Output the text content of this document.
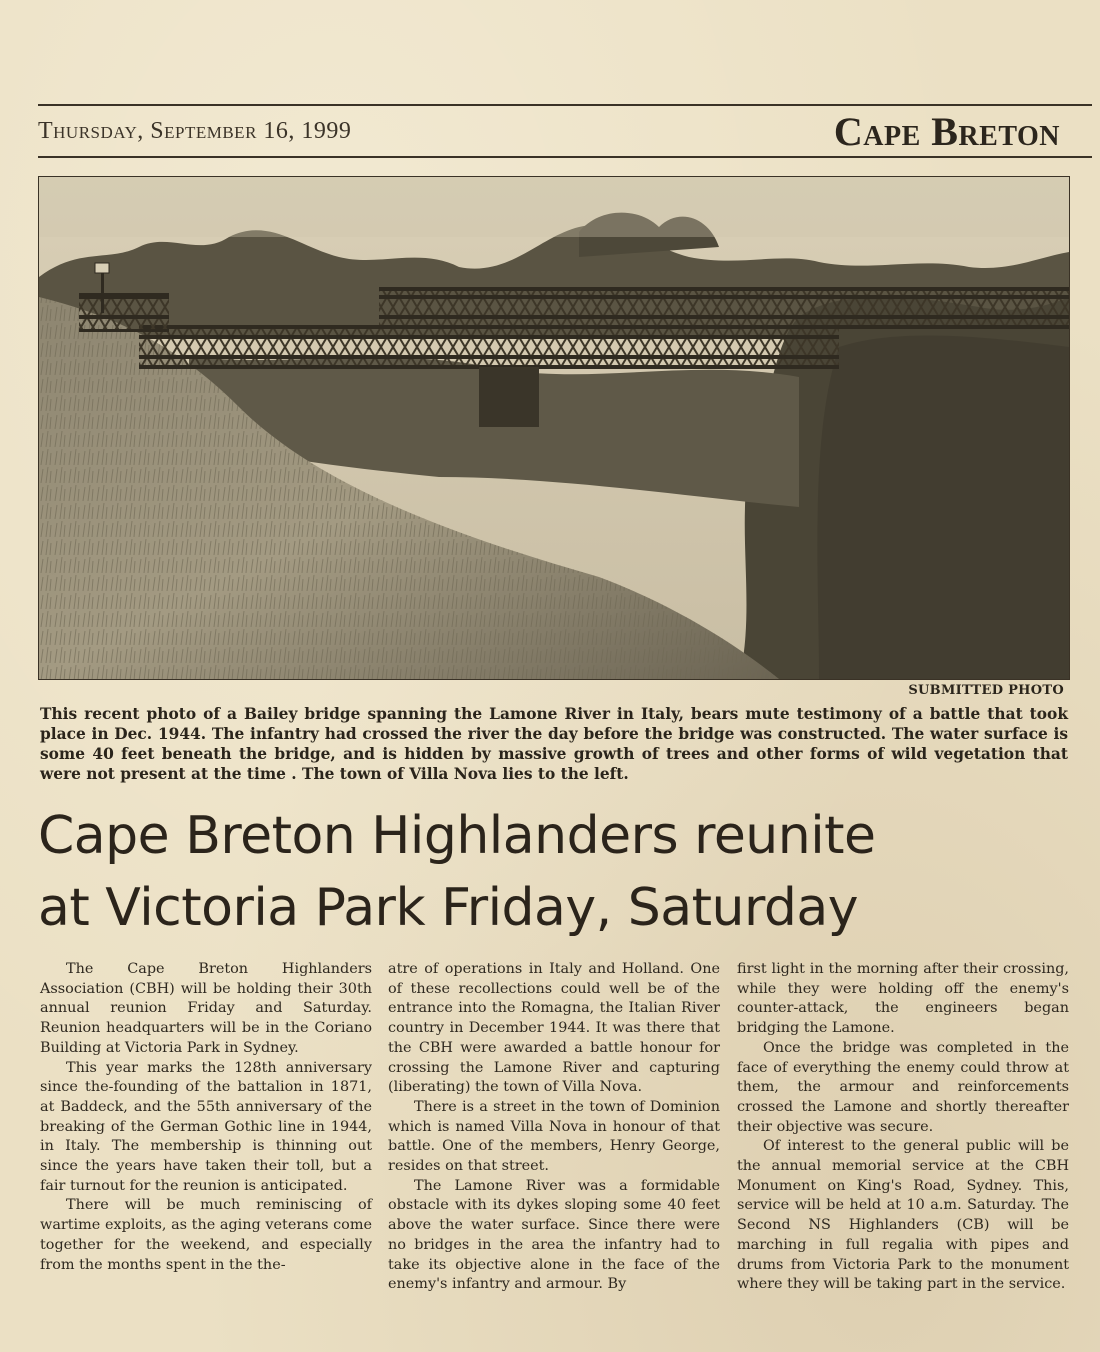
Thursday, September 16, 1999	Cape Breton
SUBMITTED PHOTO
This recent photo of a Bailey bridge spanning the Lamone River in Italy, bears mute testimony of a battle that took place in Dec. 1944. The infantry had crossed the river the day before the bridge was constructed. The water surface is some 40 feet beneath the bridge, and is hidden by massive growth of trees and other forms of wild vegetation that were not present at the time . The town of Villa Nova lies to the left.
Cape Breton Highlanders reunite
at Victoria Park Friday, Saturday

The Cape Breton Highlanders Association (CBH) will be holding their 30th annual reunion Friday and Saturday. Reunion headquarters will be in the Coriano Building at Victoria Park in Sydney.

This year marks the 128th anniversary since the-founding of the battalion in 1871, at Baddeck, and the 55th anniversary of the breaking of the German Gothic line in 1944, in Italy. The membership is thinning out since the years have taken their toll, but a fair turnout for the reunion is anticipated.

There will be much reminiscing of wartime exploits, as the aging veterans come together for the weekend, and especially from the months spent in the the-

atre of operations in Italy and Holland. One of these recollections could well be of the entrance into the Romagna, the Italian River country in December 1944. It was there that the CBH were awarded a battle honour for crossing the Lamone River and capturing (liberating) the town of Villa Nova.

There is a street in the town of Dominion which is named Villa Nova in honour of that battle. One of the members, Henry George, resides on that street.

The Lamone River was a formidable obstacle with its dykes sloping some 40 feet above the water surface. Since there were no bridges in the area the infantry had to take its objective alone in the face of the enemy's infantry and armour. By

first light in the morning after their crossing, while they were holding off the enemy's counter-attack, the engineers began bridging the Lamone.

Once the bridge was completed in the face of everything the enemy could throw at them, the armour and reinforcements crossed the Lamone and shortly thereafter their objective was secure.

Of interest to the general public will be the annual memorial service at the CBH Monument on King's Road, Sydney. This, service will be held at 10 a.m. Saturday. The Second NS Highlanders (CB) will be marching in full regalia with pipes and drums from Victoria Park to the monument where they will be taking part in the service.
